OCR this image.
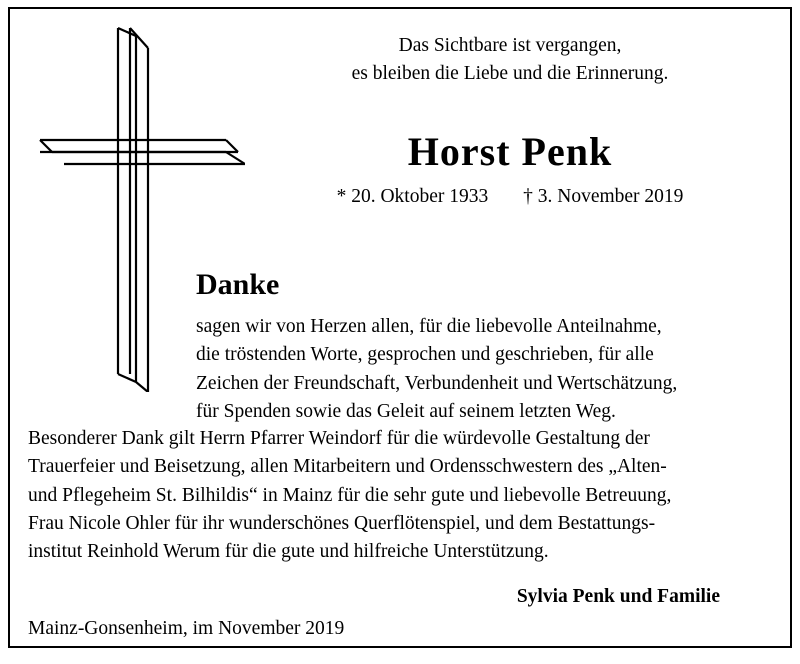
Das Sichtbare ist vergangen,
es bleiben die Liebe und die Erinnerung.
Horst Penk
* 20. Oktober 1933 † 3. November 2019
Danke
sagen wir von Herzen allen, für die liebevolle Anteilnahme,
die tröstenden Worte, gesprochen und geschrieben, für alle
Zeichen der Freundschaft, Verbundenheit und Wertschätzung,
für Spenden sowie das Geleit auf seinem letzten Weg.
Besonderer Dank gilt Herrn Pfarrer Weindorf für die würdevolle Gestaltung der
Trauerfeier und Beisetzung, allen Mitarbeitern und Ordensschwestern des „Alten-
und Pflegeheim St. Bilhildis“ in Mainz für die sehr gute und liebevolle Betreuung,
Frau Nicole Ohler für ihr wunderschönes Querflötenspiel, und dem Bestattungs-
institut Reinhold Werum für die gute und hilfreiche Unterstützung.
Sylvia Penk und Familie
Mainz-Gonsenheim, im November 2019
